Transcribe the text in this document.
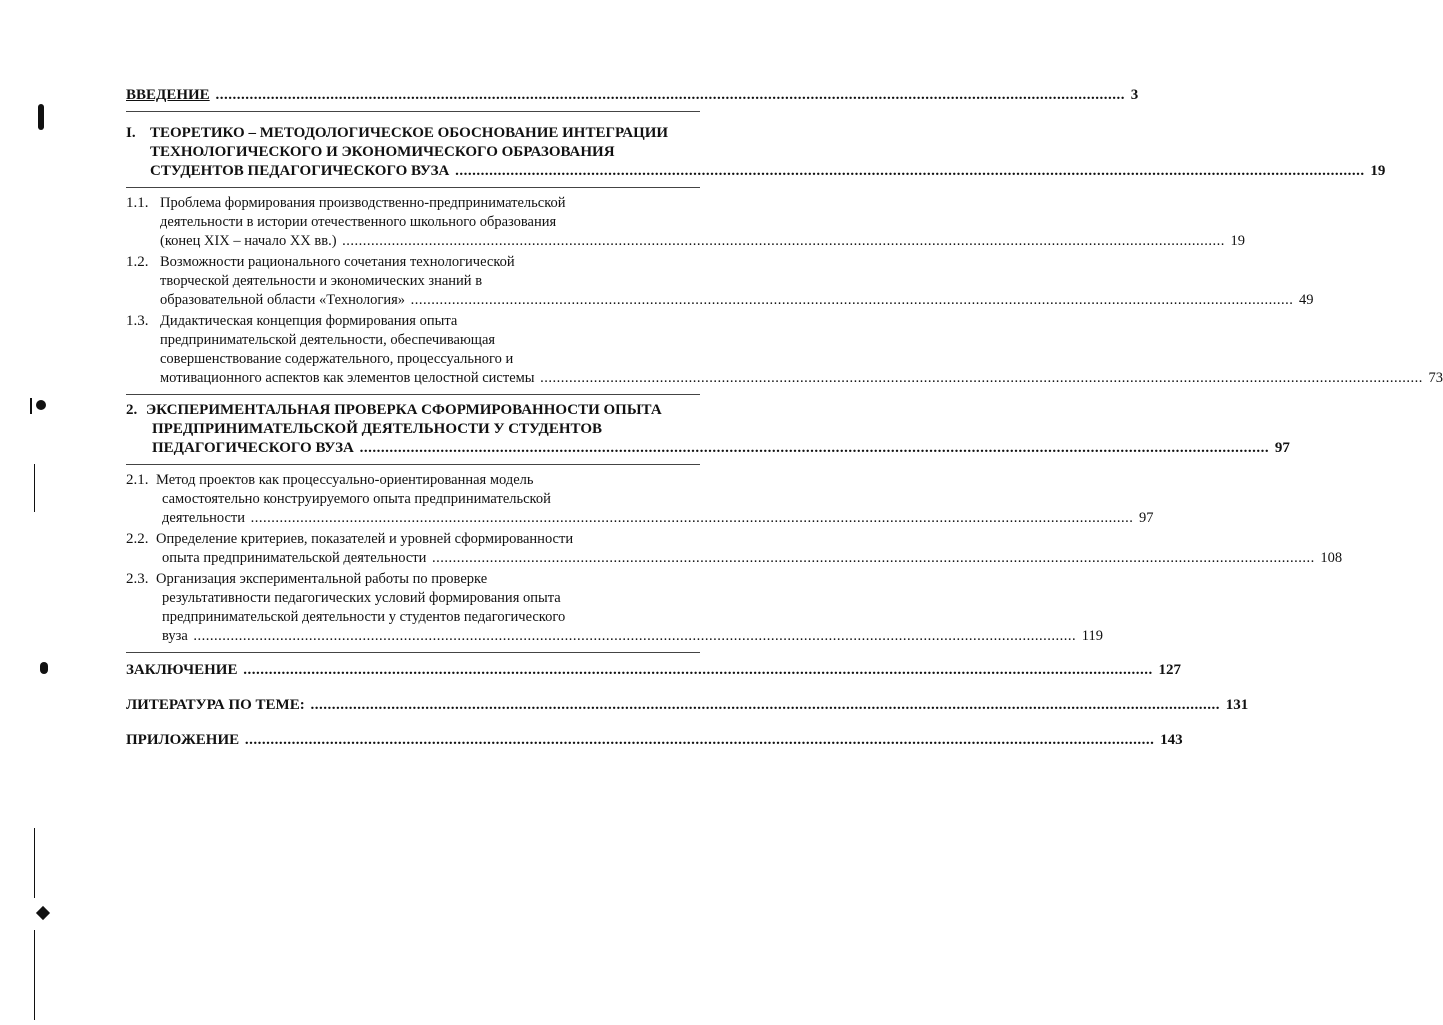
ВВЕДЕНИЕ .....	3
I. ТЕОРЕТИКО – МЕТОДОЛОГИЧЕСКОЕ ОБОСНОВАНИЕ ИНТЕГРАЦИИ
ТЕХНОЛОГИЧЕСКОГО И ЭКОНОМИЧЕСКОГО ОБРАЗОВАНИЯ
СТУДЕНТОВ ПЕДАГОГИЧЕСКОГО ВУЗА .....	19
1.1. Проблема формирования производственно-предпринимательской
деятельности в истории отечественного школьного образования
(конец XIX – начало XX вв.) .....	19
1.2. Возможности рационального сочетания технологической
творческой деятельности и экономических знаний в
образовательной области «Технология» .....	49
1.3. Дидактическая концепция формирования опыта
предпринимательской деятельности, обеспечивающая
совершенствование содержательного, процессуального и
мотивационного аспектов как элементов целостной системы .....	73
2. ЭКСПЕРИМЕНТАЛЬНАЯ ПРОВЕРКА СФОРМИРОВАННОСТИ ОПЫТА
ПРЕДПРИНИМАТЕЛЬСКОЙ ДЕЯТЕЛЬНОСТИ У СТУДЕНТОВ
ПЕДАГОГИЧЕСКОГО ВУЗА .....	97
2.1. Метод проектов как процессуально-ориентированная модель
самостоятельно конструируемого опыта предпринимательской
деятельности .....	97
2.2. Определение критериев, показателей и уровней сформированности
опыта предпринимательской деятельности .....	108
2.3. Организация экспериментальной работы по проверке
результативности педагогических условий формирования опыта
предпринимательской деятельности у студентов педагогического
вуза .....	119
ЗАКЛЮЧЕНИЕ .....	127
ЛИТЕРАТУРА ПО ТЕМЕ: .....	131
ПРИЛОЖЕНИЕ .....	143
